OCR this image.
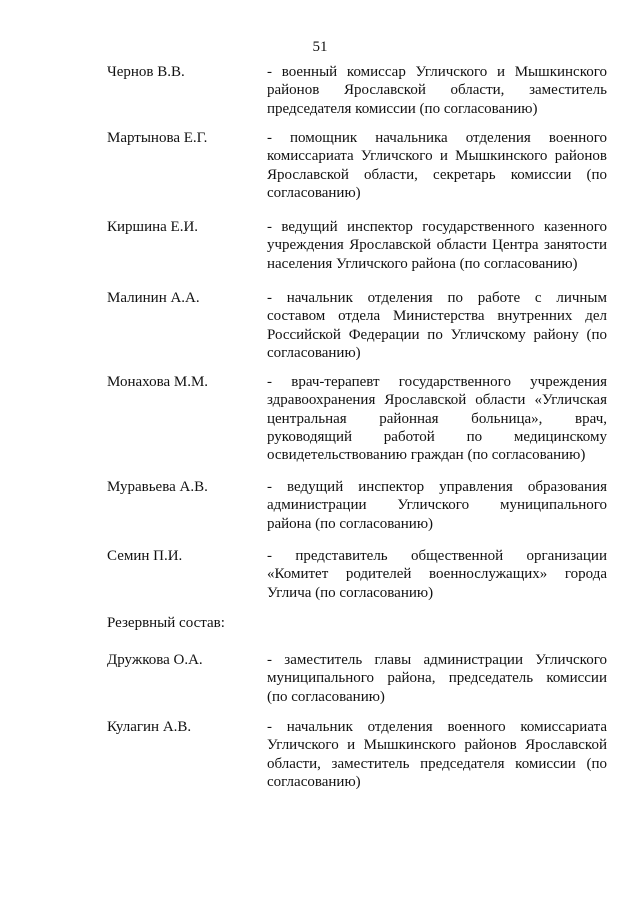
51
Чернов В.В.	- военный комиссар Угличского и Мышкинского
районов Ярославской области, заместитель
председателя комиссии (по согласованию)
Мартынова Е.Г.	- помощник начальника отделения военного
комиссариата Угличского и Мышкинского районов
Ярославской области, секретарь комиссии (по
согласованию)
Киршина Е.И.	- ведущий инспектор государственного казенного
учреждения Ярославской области Центра занятости
населения Угличского района (по согласованию)
Малинин А.А.	- начальник отделения по работе с личным
составом отдела Министерства внутренних дел
Российской Федерации по Угличскому району (по
согласованию)
Монахова М.М.	- врач-терапевт государственного учреждения
здравоохранения Ярославской области «Угличская
центральная районная больница», врач,
руководящий работой по медицинскому
освидетельствованию граждан (по согласованию)
Муравьева А.В.	- ведущий инспектор управления образования
администрации Угличского муниципального
района (по согласованию)
Семин П.И.	- представитель общественной организации
«Комитет родителей военнослужащих» города
Углича (по согласованию)
Резервный состав:
Дружкова О.А.	- заместитель главы администрации Угличского
муниципального района, председатель комиссии
(по согласованию)
Кулагин А.В.	- начальник отделения военного комиссариата
Угличского и Мышкинского районов Ярославской
области, заместитель председателя комиссии (по
согласованию)
